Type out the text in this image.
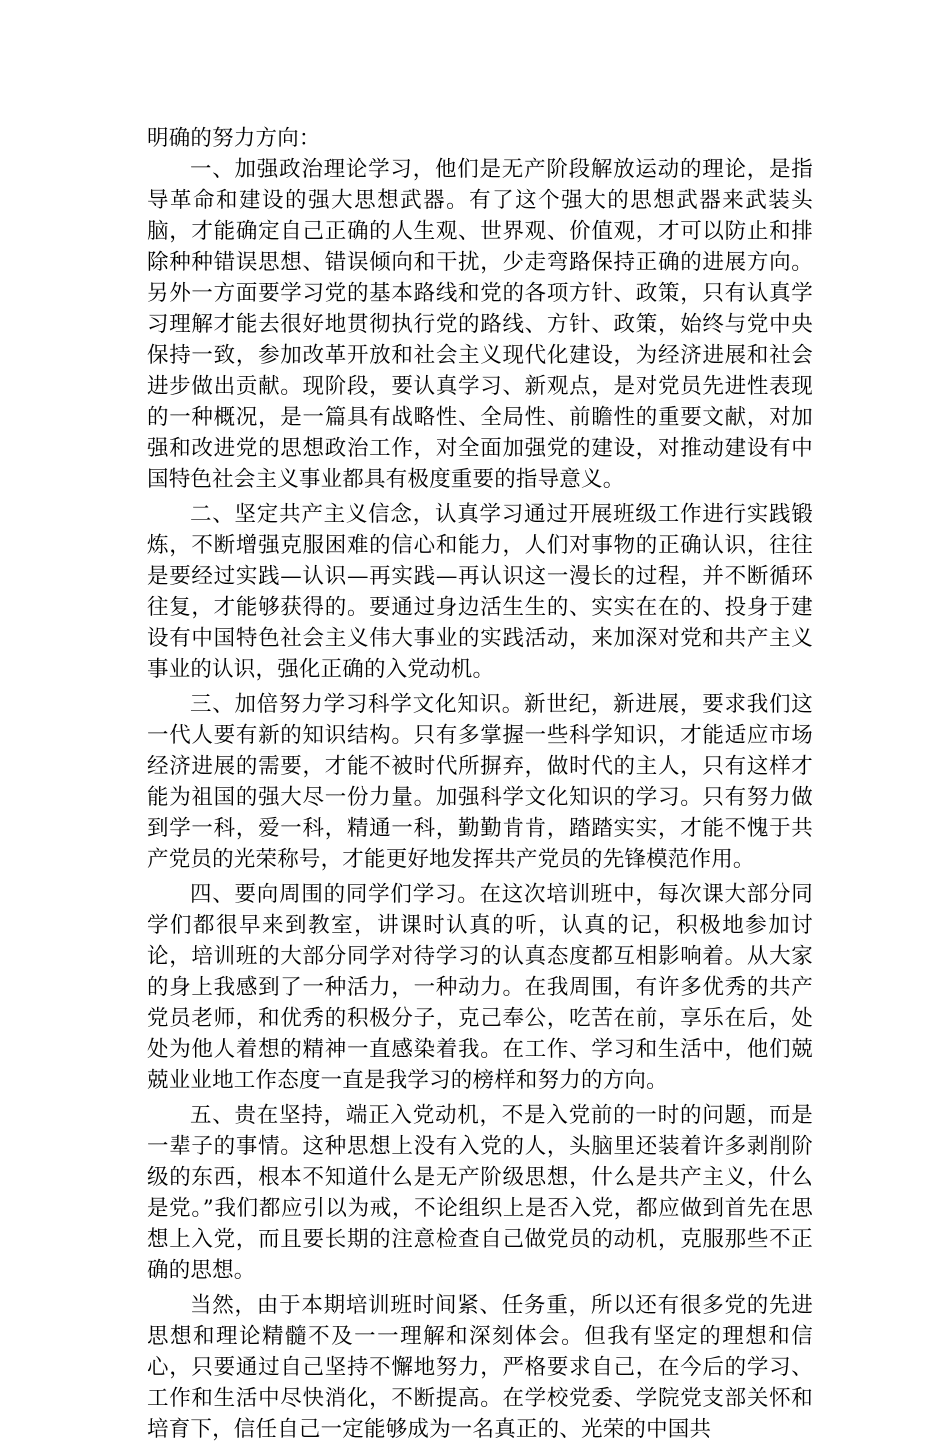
明确的努力方向：

一、加强政治理论学习，他们是无产阶段解放运动的理论，是指导革命和建设的强大思想武器。有了这个强大的思想武器来武装头脑，才能确定自己正确的人生观、世界观、价值观，才可以防止和排除种种错误思想、错误倾向和干扰，少走弯路保持正确的进展方向。另外一方面要学习党的基本路线和党的各项方针、政策，只有认真学习理解才能去很好地贯彻执行党的路线、方针、政策，始终与党中央保持一致，参加改革开放和社会主义现代化建设，为经济进展和社会进步做出贡献。现阶段，要认真学习、新观点，是对党员先进性表现的一种概况，是一篇具有战略性、全局性、前瞻性的重要文献，对加强和改进党的思想政治工作，对全面加强党的建设，对推动建设有中国特色社会主义事业都具有极度重要的指导意义。

二、坚定共产主义信念，认真学习通过开展班级工作进行实践锻炼，不断增强克服困难的信心和能力，人们对事物的正确认识，往往是要经过实践—认识—再实践—再认识这一漫长的过程，并不断循环往复，才能够获得的。要通过身边活生生的、实实在在的、投身于建设有中国特色社会主义伟大事业的实践活动，来加深对党和共产主义事业的认识，强化正确的入党动机。

三、加倍努力学习科学文化知识。新世纪，新进展，要求我们这一代人要有新的知识结构。只有多掌握一些科学知识，才能适应市场经济进展的需要，才能不被时代所摒弃，做时代的主人，只有这样才能为祖国的强大尽一份力量。加强科学文化知识的学习。只有努力做到学一科，爱一科，精通一科，勤勤肯肯，踏踏实实，才能不愧于共产党员的光荣称号，才能更好地发挥共产党员的先锋模范作用。

四、要向周围的同学们学习。在这次培训班中，每次课大部分同学们都很早来到教室，讲课时认真的听，认真的记，积极地参加讨论，培训班的大部分同学对待学习的认真态度都互相影响着。从大家的身上我感到了一种活力，一种动力。在我周围，有许多优秀的共产党员老师，和优秀的积极分子，克己奉公，吃苦在前，享乐在后，处处为他人着想的精神一直感染着我。在工作、学习和生活中，他们兢兢业业地工作态度一直是我学习的榜样和努力的方向。

五、贵在坚持，端正入党动机，不是入党前的一时的问题，而是一辈子的事情。这种思想上没有入党的人，头脑里还装着许多剥削阶级的东西，根本不知道什么是无产阶级思想，什么是共产主义，什么是党。”我们都应引以为戒，不论组织上是否入党，都应做到首先在思想上入党，而且要长期的注意检查自己做党员的动机，克服那些不正确的思想。

当然，由于本期培训班时间紧、任务重，所以还有很多党的先进思想和理论精髓不及一一理解和深刻体会。但我有坚定的理想和信心，只要通过自己坚持不懈地努力，严格要求自己，在今后的学习、工作和生活中尽快消化，不断提高。在学校党委、学院党支部关怀和培育下，信任自己一定能够成为一名真正的、光荣的中国共
